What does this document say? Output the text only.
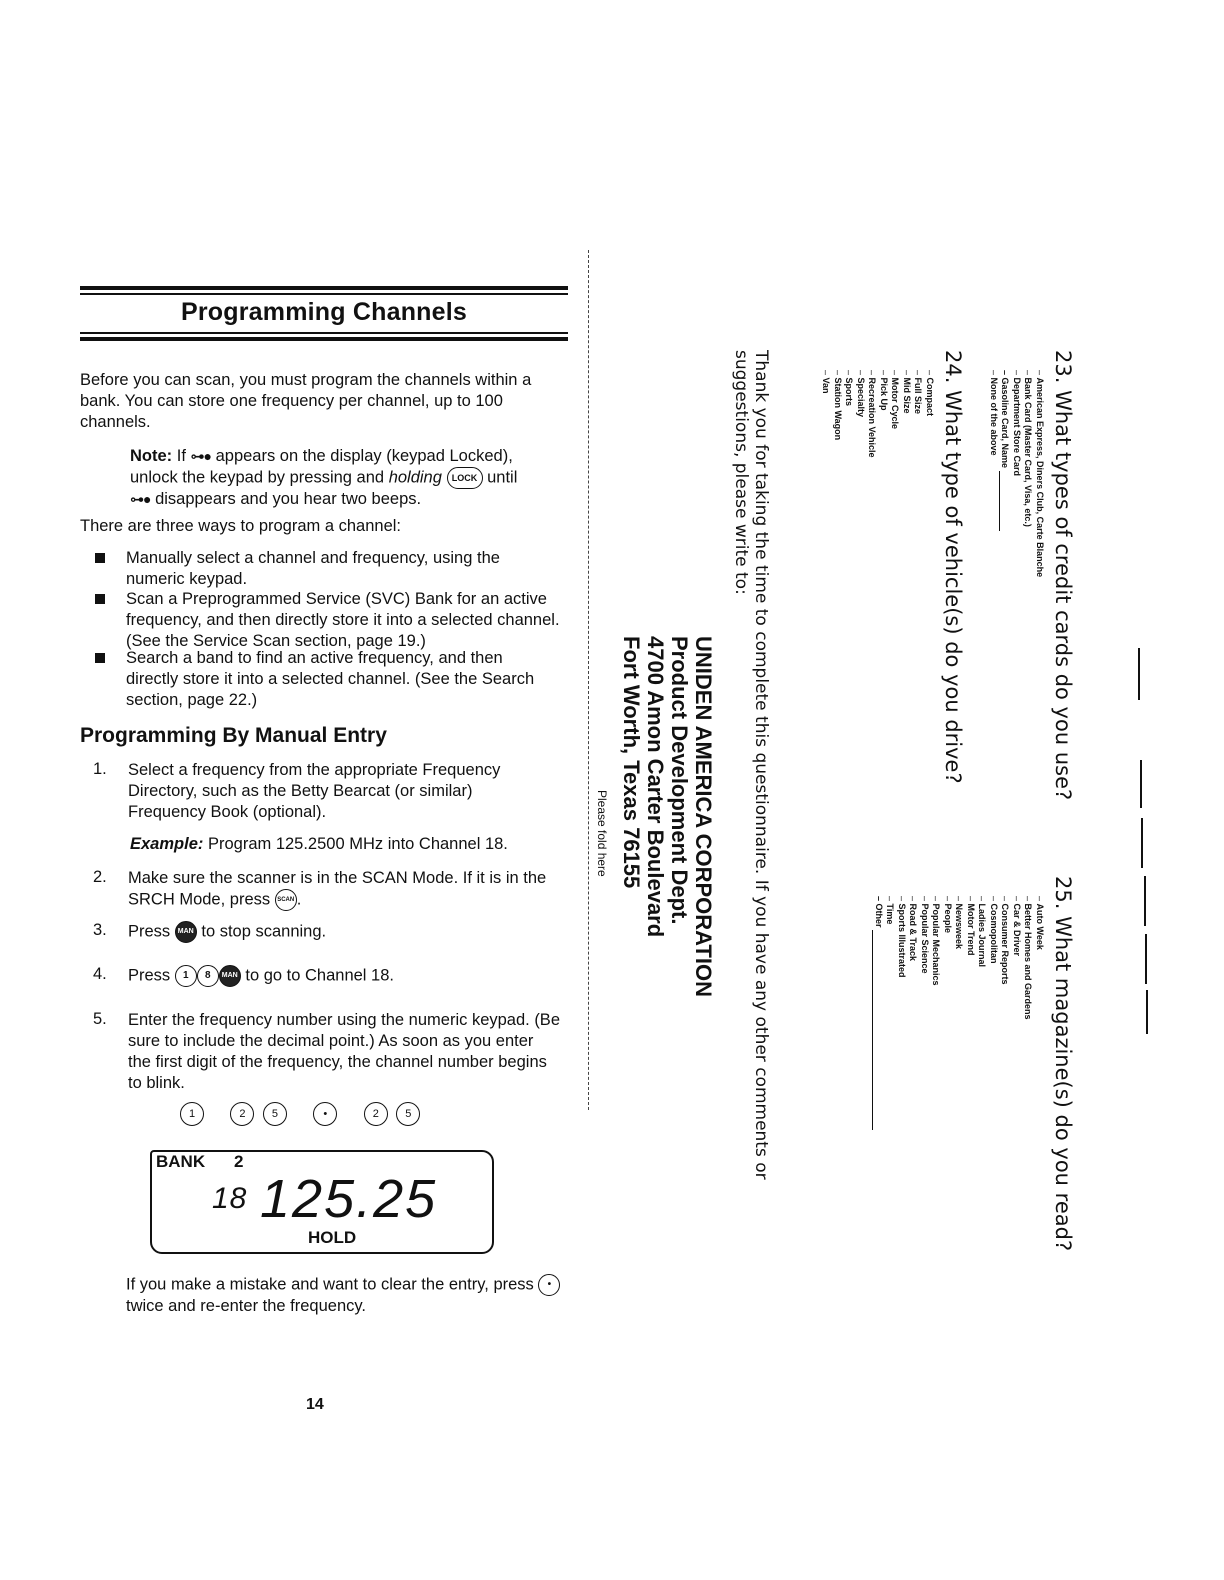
Programming Channels
Before you can scan, you must program the channels within a bank. You can store one frequency per channel, up to 100 channels.
Note: If ⊶● appears on the display (keypad Locked),
unlock the keypad by pressing and holding LOCK until
⊶● disappears and you hear two beeps.
There are three ways to program a channel:
Manually select a channel and frequency, using the numeric keypad.
Scan a Preprogrammed Service (SVC) Bank for an active frequency, and then directly store it into a selected channel. (See the Service Scan section, page 19.)
Search a band to find an active frequency, and then directly store it into a selected channel. (See the Search section, page 22.)
Programming By Manual Entry
1. Select a frequency from the appropriate Frequency Directory, such as the Betty Bearcat (or similar) Frequency Book (optional).
Example: Program 125.2500 MHz into Channel 18.
2. Make sure the scanner is in the SCAN Mode. If it is in the SRCH Mode, press SCAN .
3. Press MAN to stop scanning.
4. Press 1 8 MAN to go to Channel 18.
5. Enter the frequency number using the numeric keypad. (Be sure to include the decimal point.) As soon as you enter the first digit of the frequency, the channel number begins to blink.
1	2 5	•	2 5
BANK 2
18 125.25
HOLD
If you make a mistake and want to clear the entry, press • twice and re-enter the frequency.
14
23. What types of credit cards do you use?
– American Express, Diners Club, Carte Blanche
– Bank Card (Master Card, Visa, etc.)
– Department Store Card
– Gasoline Card, Name
– None of the above
25. What magazine(s) do you read?
– Auto Week
– Better Homes and Gardens
– Car & Driver
– Consumer Reports
– Cosmopolitan
– Ladies Journal
– Motor Trend
– Newsweek
– People
– Popular Mechanics
– Popular Science
– Road & Track
– Sports Illustrated
– Time
– Other
24. What type of vehicle(s) do you drive?
– Compact
– Full Size
– Mid Size
– Motor Cycle
– Pick Up
– Recreation Vehicle
– Specialty
– Sports
– Station Wagon
– Van
Thank you for taking the time to complete this questionnaire. If you have any other comments or suggestions, please write to:
UNIDEN AMERICA CORPORATION
Product Development Dept.
4700 Amon Carter Boulevard
Fort Worth, Texas 76155
Please fold here
